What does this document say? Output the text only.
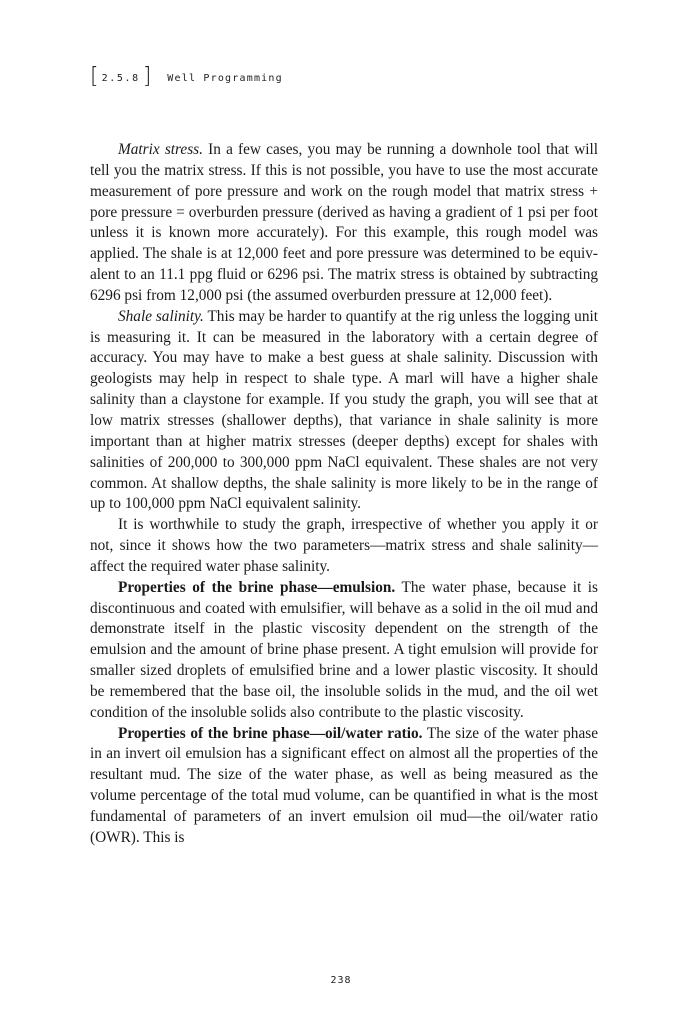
[ 2.5.8 ] Well Programming

Matrix stress. In a few cases, you may be running a downhole tool that will tell you the matrix stress. If this is not possible, you have to use the most accurate measurement of pore pressure and work on the rough model that matrix stress + pore pressure = overburden pressure (derived as having a gradient of 1 psi per foot unless it is known more accurately). For this example, this rough model was applied. The shale is at 12,000 feet and pore pressure was determined to be equivalent to an 11.1 ppg fluid or 6296 psi. The matrix stress is obtained by subtracting 6296 psi from 12,000 psi (the assumed overburden pressure at 12,000 feet).

Shale salinity. This may be harder to quantify at the rig unless the logging unit is measuring it. It can be measured in the laboratory with a certain degree of accuracy. You may have to make a best guess at shale salinity. Discussion with geologists may help in respect to shale type. A marl will have a higher shale salinity than a claystone for example. If you study the graph, you will see that at low matrix stresses (shallower depths), that variance in shale salinity is more important than at higher matrix stresses (deeper depths) except for shales with salinities of 200,000 to 300,000 ppm NaCl equivalent. These shales are not very common. At shallow depths, the shale salinity is more likely to be in the range of up to 100,000 ppm NaCl equivalent salinity.

It is worthwhile to study the graph, irrespective of whether you apply it or not, since it shows how the two parameters—matrix stress and shale salinity—affect the required water phase salinity.

Properties of the brine phase—emulsion. The water phase, because it is discontinuous and coated with emulsifier, will behave as a solid in the oil mud and demonstrate itself in the plastic viscosity dependent on the strength of the emulsion and the amount of brine phase present. A tight emulsion will provide for smaller sized droplets of emulsified brine and a lower plastic viscosity. It should be remembered that the base oil, the insoluble solids in the mud, and the oil wet condition of the insoluble solids also contribute to the plastic viscosity.

Properties of the brine phase—oil/water ratio. The size of the water phase in an invert oil emulsion has a significant effect on almost all the properties of the resultant mud. The size of the water phase, as well as being measured as the volume percentage of the total mud volume, can be quantified in what is the most fundamental of parameters of an invert emulsion oil mud—the oil/water ratio (OWR). This is

238
